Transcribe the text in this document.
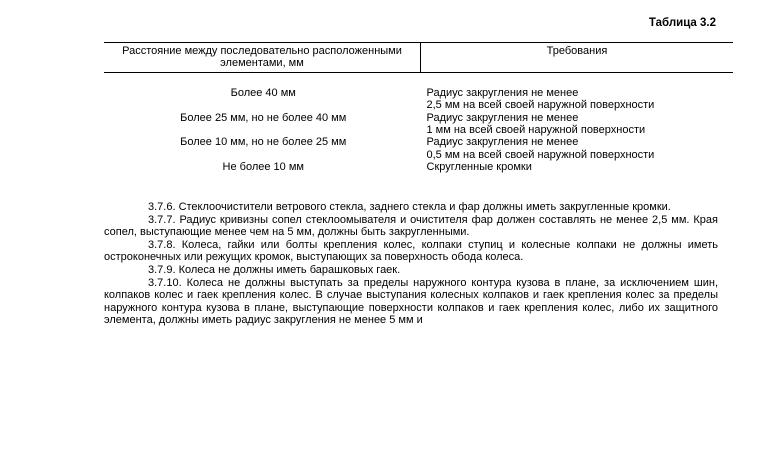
Таблица 3.2
Расстояние между последовательно расположенными элементами, мм	Требования
Более 40 мм	Радиус закругления не менее
2,5 мм на всей своей наружной поверхности
Более 25 мм, но не более 40 мм	Радиус закругления не менее
1 мм на всей своей наружной поверхности
Более 10 мм, но не более 25 мм	Радиус закругления не менее
0,5 мм на всей своей наружной поверхности
Не более 10 мм	Скругленные кромки

3.7.6. Стеклоочистители ветрового стекла, заднего стекла и фар должны иметь закругленные кромки.

3.7.7. Радиус кривизны сопел стеклоомывателя и очистителя фар должен составлять не менее 2,5 мм. Края сопел, выступающие менее чем на 5 мм, должны быть закругленными.

3.7.8. Колеса, гайки или болты крепления колес, колпаки ступиц и колесные колпаки не должны иметь остроконечных или режущих кромок, выступающих за поверхность обода колеса.

3.7.9. Колеса не должны иметь барашковых гаек.

3.7.10. Колеса не должны выступать за пределы наружного контура кузова в плане, за исключением шин, колпаков колес и гаек крепления колес. В случае выступания колесных колпаков и гаек крепления колес за пределы наружного контура кузова в плане, выступающие поверхности колпаков и гаек крепления колес, либо их защитного элемента, должны иметь радиус закругления не менее 5 мм и
